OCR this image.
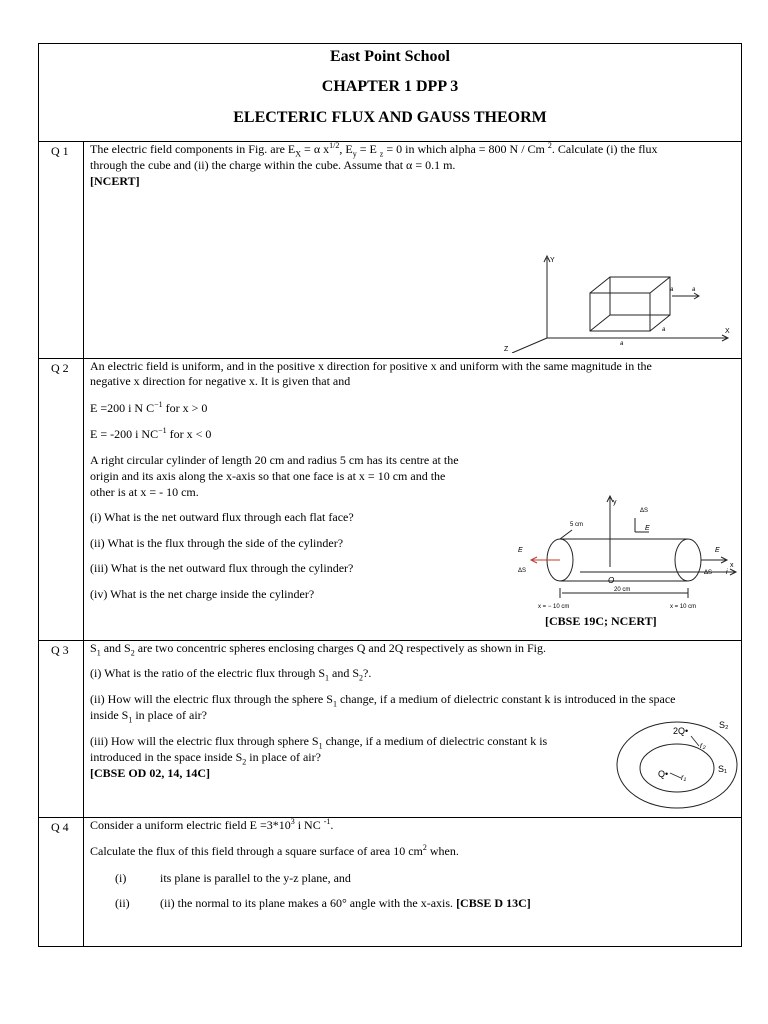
East Point School
CHAPTER 1 DPP 3
ELECTERIC FLUX AND GAUSS THEORM
Q 1 The electric field components in Fig. are $E_X = \alpha$ $x^{1/2}$, $E_y = E$ $_z$ = 0 in which alpha = 800 N / Cm $^2$. Calculate (i) the flux
through the cube and (ii) the charge within the cube. Assume that α = 0.1 m.
[NCERT]
Y
X
Z
a
a
a
a
Q 2 An electric field is uniform, and in the positive x direction for positive x and uniform with the same magnitude in the
negative x direction for negative x. It is given that and
E =200 i N $C^{-1}$ for x > 0
E = -200 i $NC^{-1}$ for x < 0
A right circular cylinder of length 20 cm and radius 5 cm has its centre at the
origin and its axis along the x-axis so that one face is at x = 10 cm and the
other is at x = - 10 cm.
(i) What is the net outward flux through each flat face?
(ii) What is the flux through the side of the cylinder?
(iii) What is the net outward flux through the cylinder?
(iv) What is the net charge inside the cylinder?
[CBSE 19C; NCERT]
y
x
5 cm
O
20 cm
x = − 10 cm	x = 10 cm
ΔS
E
E
ΔS
E
ΔS i
Q 3 $S_1$ and $S_2$ are two concentric spheres enclosing charges Q and 2Q respectively as shown in Fig.
(i) What is the ratio of the electric flux through $S_1$ and $S_2$?.
(ii) How will the electric flux through the sphere $S_1$ change, if a medium of dielectric constant k is introduced in the space
inside $S_1$ in place of air?
(iii) How will the electric flux through sphere $S_1$ change, if a medium of dielectric constant k is
introduced in the space inside $S_2$ in place of air?
[CBSE OD 02, 14, 14C]
2Q•
Q•
S₂
S₁
r₂
r₁
Q 4 Consider a uniform electric field $E =3*10^3$ i NC $^{-1}$.
Calculate the flux of this field through a square surface of area 10 $cm^2$ when.
(i)	its plane is parallel to the y-z plane, and
(ii)	(ii) the normal to its plane makes a 60° angle with the x-axis. [CBSE D 13C]
